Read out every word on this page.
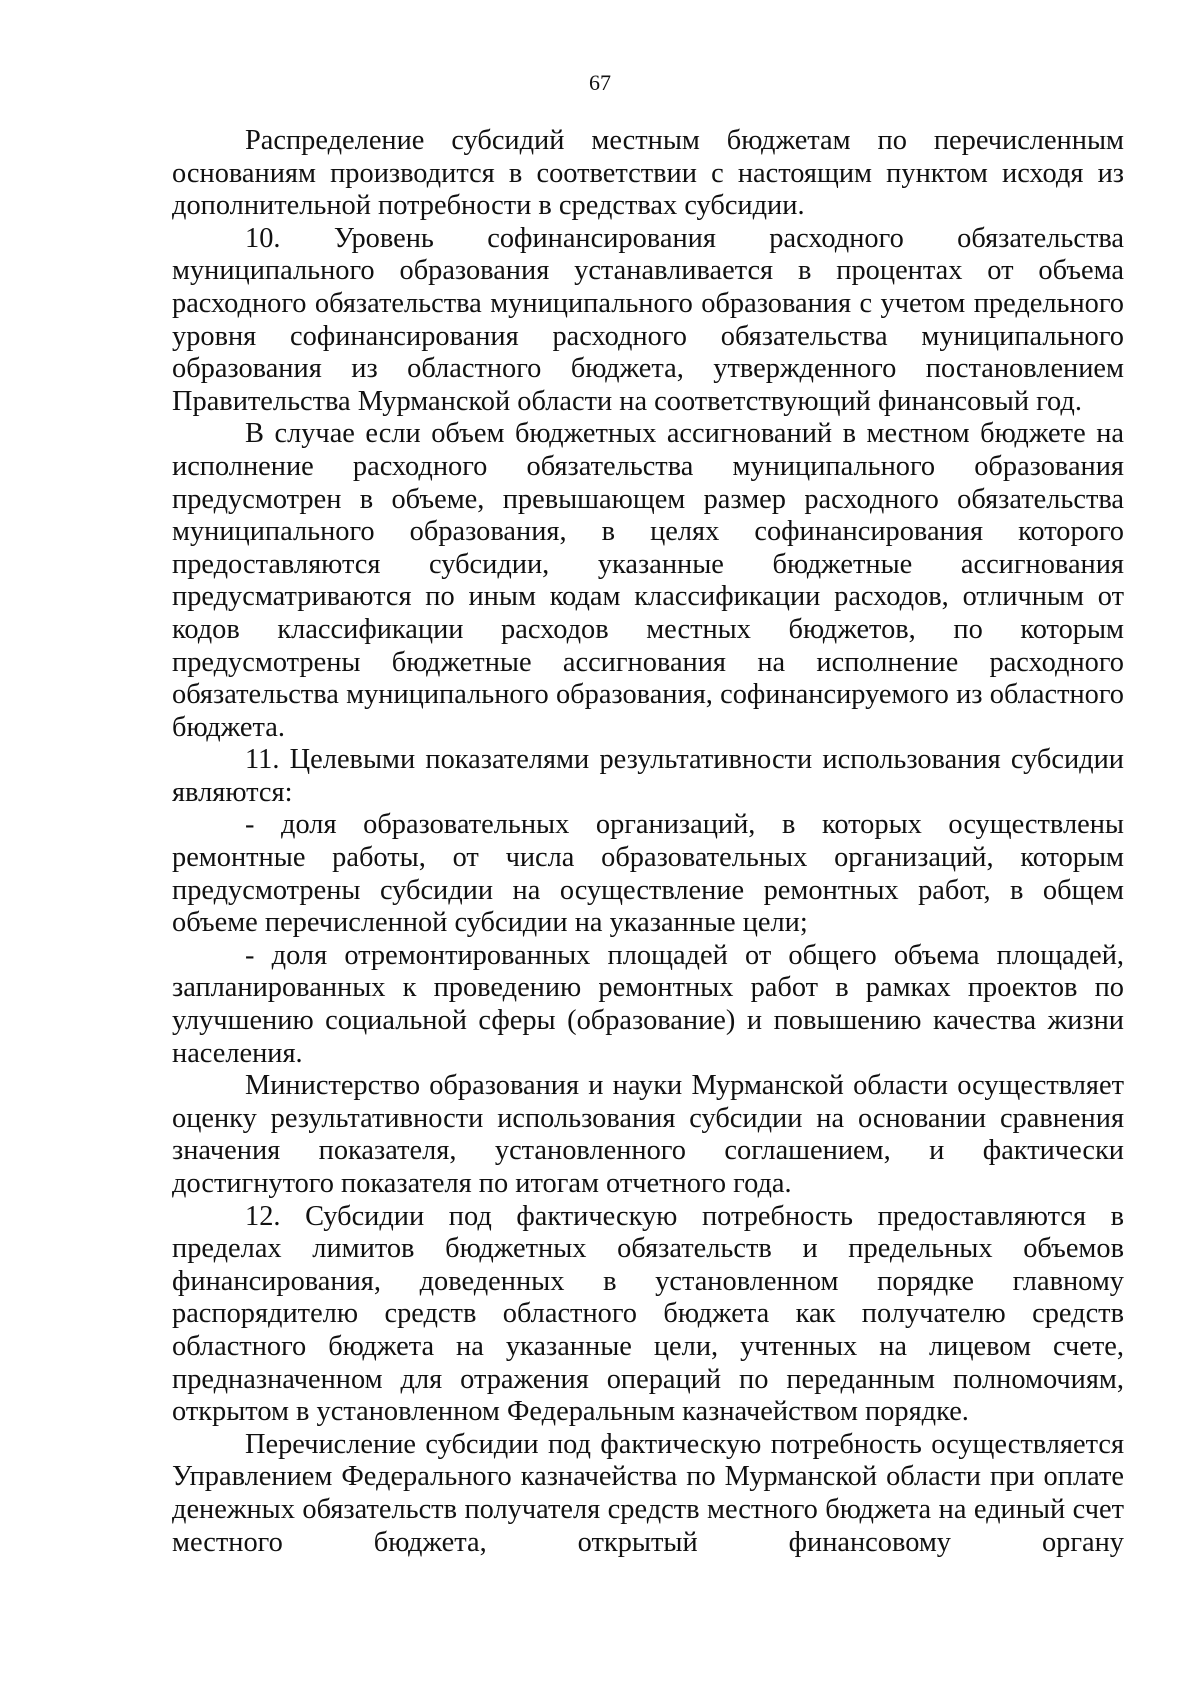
67

Распределение субсидий местным бюджетам по перечисленным основаниям производится в соответствии с настоящим пунктом исходя из дополнительной потребности в средствах субсидии.

10. Уровень софинансирования расходного обязательства муниципального образования устанавливается в процентах от объема расходного обязательства муниципального образования с учетом предельного уровня софинансирования расходного обязательства муниципального образования из областного бюджета, утвержденного постановлением Правительства Мурманской области на соответствующий финансовый год.

В случае если объем бюджетных ассигнований в местном бюджете на исполнение расходного обязательства муниципального образования предусмотрен в объеме, превышающем размер расходного обязательства муниципального образования, в целях софинансирования которого предоставляются субсидии, указанные бюджетные ассигнования предусматриваются по иным кодам классификации расходов, отличным от кодов классификации расходов местных бюджетов, по которым предусмотрены бюджетные ассигнования на исполнение расходного обязательства муниципального образования, софинансируемого из областного бюджета.

11. Целевыми показателями результативности использования субсидии являются:

- доля образовательных организаций, в которых осуществлены ремонтные работы, от числа образовательных организаций, которым предусмотрены субсидии на осуществление ремонтных работ, в общем объеме перечисленной субсидии на указанные цели;

- доля отремонтированных площадей от общего объема площадей, запланированных к проведению ремонтных работ в рамках проектов по улучшению социальной сферы (образование) и повышению качества жизни населения.

Министерство образования и науки Мурманской области осуществляет оценку результативности использования субсидии на основании сравнения значения показателя, установленного соглашением, и фактически достигнутого показателя по итогам отчетного года.

12. Субсидии под фактическую потребность предоставляются в пределах лимитов бюджетных обязательств и предельных объемов финансирования, доведенных в установленном порядке главному распорядителю средств областного бюджета как получателю средств областного бюджета на указанные цели, учтенных на лицевом счете, предназначенном для отражения операций по переданным полномочиям, открытом в установленном Федеральным казначейством порядке.

Перечисление субсидии под фактическую потребность осуществляется Управлением Федерального казначейства по Мурманской области при оплате денежных обязательств получателя средств местного бюджета на единый счет местного бюджета, открытый финансовому органу
